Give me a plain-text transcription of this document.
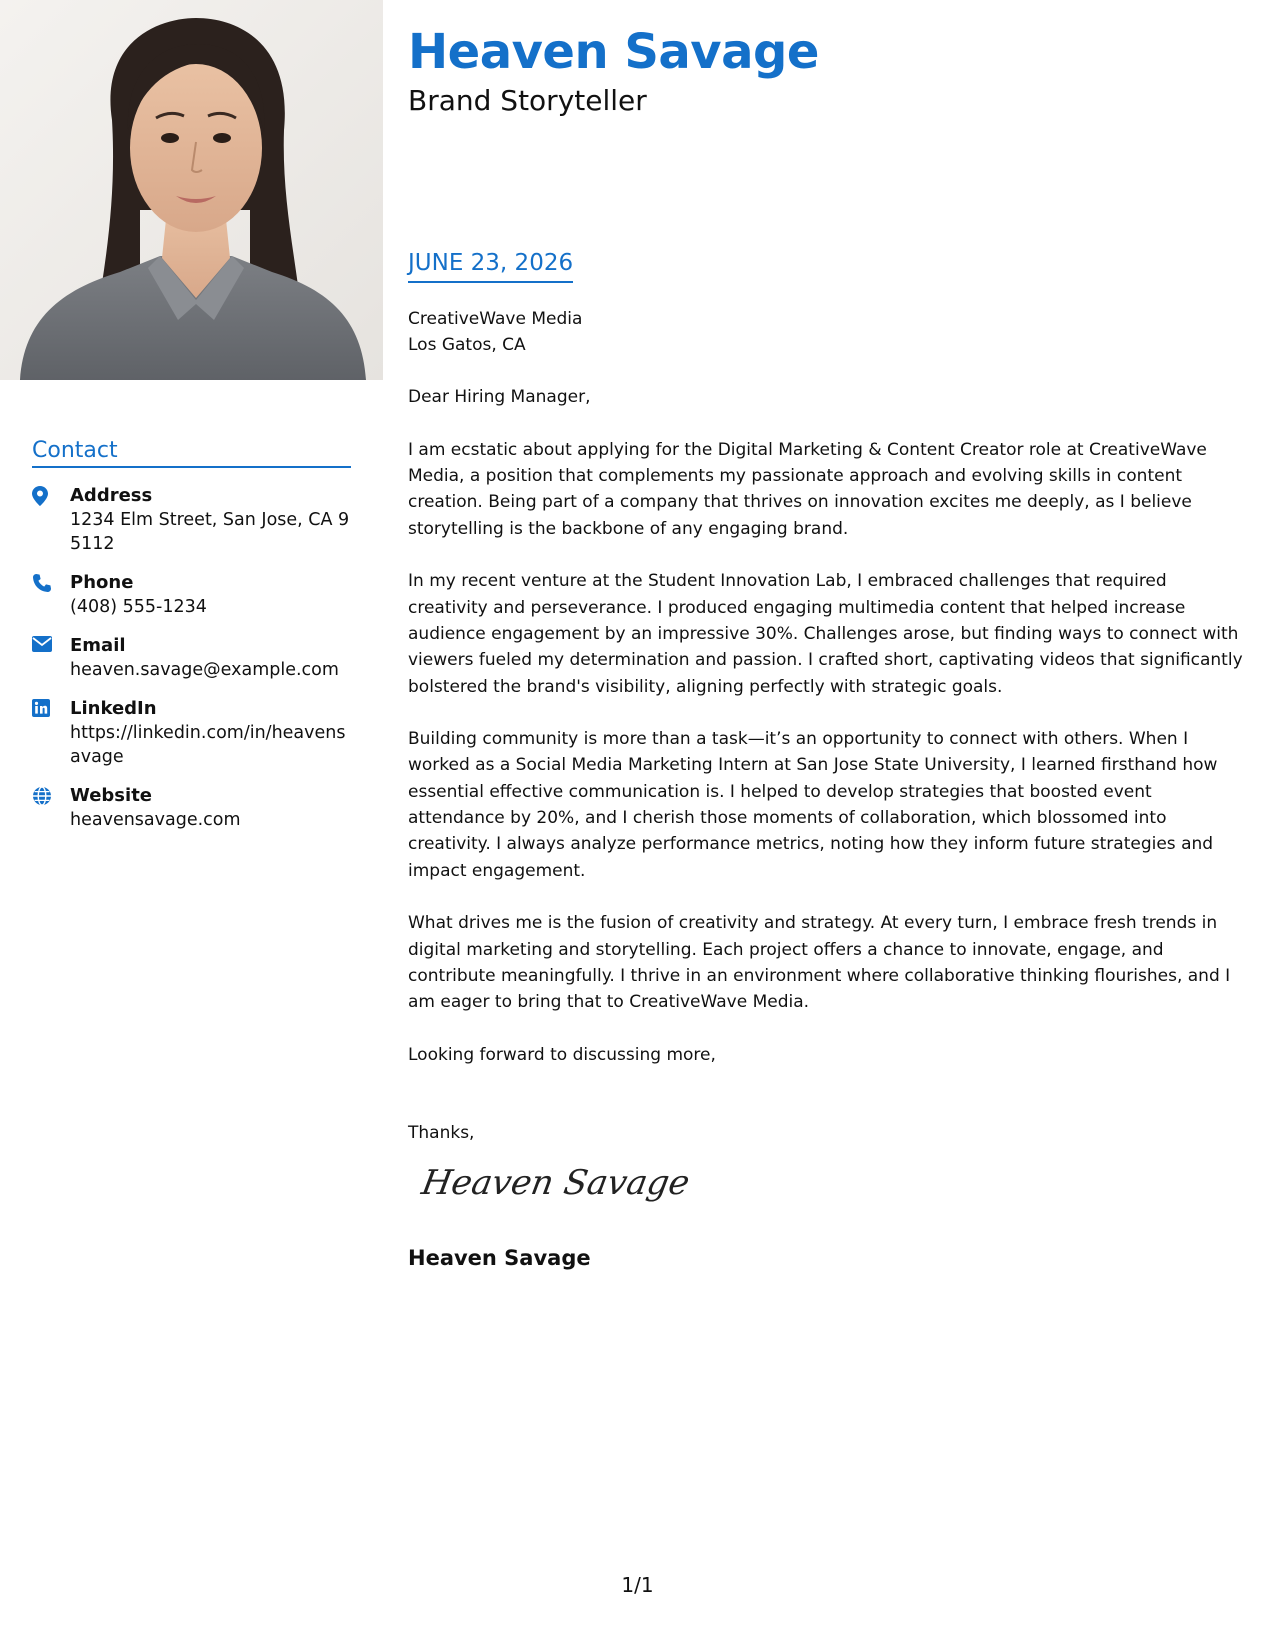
Heaven Savage
Brand Storyteller
Contact
Address
1234 Elm Street, San Jose, CA 95112
Phone
(408) 555-1234
Email
heaven.savage@example.com
LinkedIn
https://linkedin.com/in/heavensavage
Website
heavensavage.com
JUNE 23, 2026
CreativeWave Media
Los Gatos, CA

Dear Hiring Manager,

I am ecstatic about applying for the Digital Marketing & Content Creator role at CreativeWave Media, a position that complements my passionate approach and evolving skills in content creation. Being part of a company that thrives on innovation excites me deeply, as I believe storytelling is the backbone of any engaging brand.

In my recent venture at the Student Innovation Lab, I embraced challenges that required creativity and perseverance. I produced engaging multimedia content that helped increase audience engagement by an impressive 30%. Challenges arose, but finding ways to connect with viewers fueled my determination and passion. I crafted short, captivating videos that significantly bolstered the brand's visibility, aligning perfectly with strategic goals.

Building community is more than a task—it’s an opportunity to connect with others. When I worked as a Social Media Marketing Intern at San Jose State University, I learned firsthand how essential effective communication is. I helped to develop strategies that boosted event attendance by 20%, and I cherish those moments of collaboration, which blossomed into creativity. I always analyze performance metrics, noting how they inform future strategies and impact engagement.

What drives me is the fusion of creativity and strategy. At every turn, I embrace fresh trends in digital marketing and storytelling. Each project offers a chance to innovate, engage, and contribute meaningfully. I thrive in an environment where collaborative thinking flourishes, and I am eager to bring that to CreativeWave Media.

Looking forward to discussing more,

Thanks,

Heaven Savage
Heaven Savage
1/1
